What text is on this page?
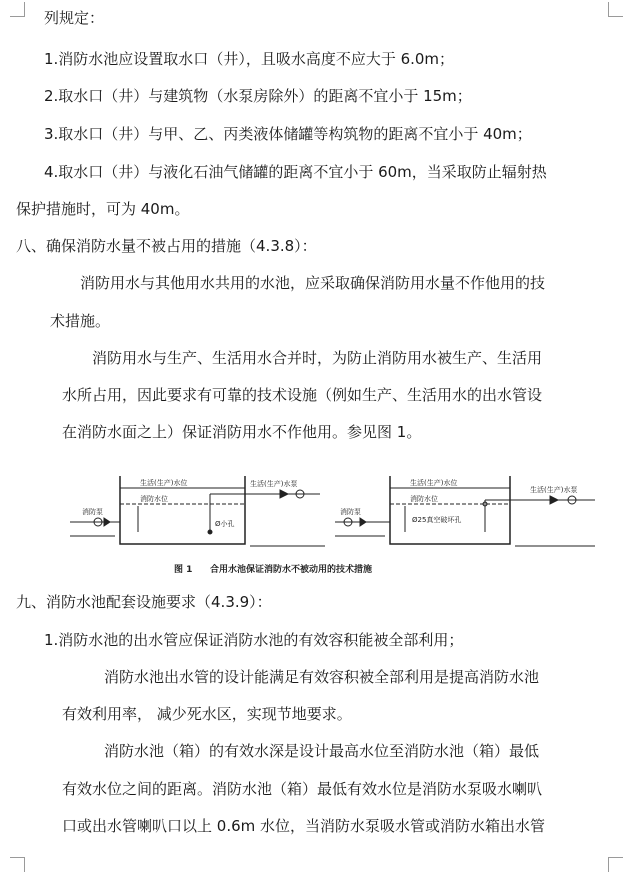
列规定：
1.消防水池应设置取水口（井），且吸水高度不应大于 6.0m；
2.取水口（井）与建筑物（水泵房除外）的距离不宜小于 15m；
3.取水口（井）与甲、乙、丙类液体储罐等构筑物的距离不宜小于 40m；
4.取水口（井）与液化石油气储罐的距离不宜小于 60m，当采取防止辐射热
保护措施时，可为 40m。
八、确保消防水量不被占用的措施（4.3.8）：
消防用水与其他用水共用的水池，应采取确保消防用水量不作他用的技
术措施。
消防用水与生产、生活用水合并时，为防止消防用水被生产、生活用
水所占用，因此要求有可靠的技术设施（例如生产、生活用水的出水管设
在消防水面之上）保证消防用水不作他用。参见图 1。
生活(生产)水位
消防水位
消防泵
生活(生产)水泵
Ø小孔
生活(生产)水位
消防水位
消防泵
生活(生产)水泵
Ø25真空破坏孔
图 1 合用水池保证消防水不被动用的技术措施
九、消防水池配套设施要求（4.3.9）：
1.消防水池的出水管应保证消防水池的有效容积能被全部利用；
消防水池出水管的设计能满足有效容积被全部利用是提高消防水池
有效利用率， 减少死水区，实现节地要求。
消防水池（箱）的有效水深是设计最高水位至消防水池（箱）最低
有效水位之间的距离。消防水池（箱）最低有效水位是消防水泵吸水喇叭
口或出水管喇叭口以上 0.6m 水位，当消防水泵吸水管或消防水箱出水管
